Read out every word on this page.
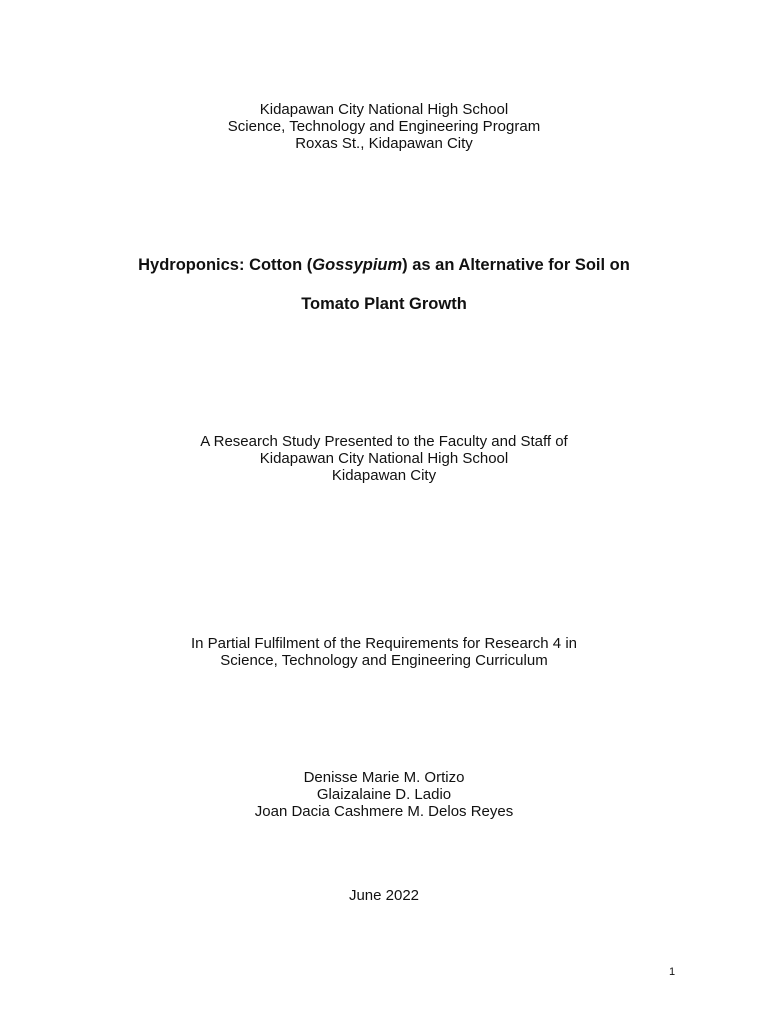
Kidapawan City National High School
Science, Technology and Engineering Program
Roxas St., Kidapawan City
Hydroponics: Cotton (Gossypium) as an Alternative for Soil on
Tomato Plant Growth
A Research Study Presented to the Faculty and Staff of
Kidapawan City National High School
Kidapawan City
In Partial Fulfilment of the Requirements for Research 4 in
Science, Technology and Engineering Curriculum
Denisse Marie M. Ortizo
Glaizalaine D. Ladio
Joan Dacia Cashmere M. Delos Reyes
June 2022
1
